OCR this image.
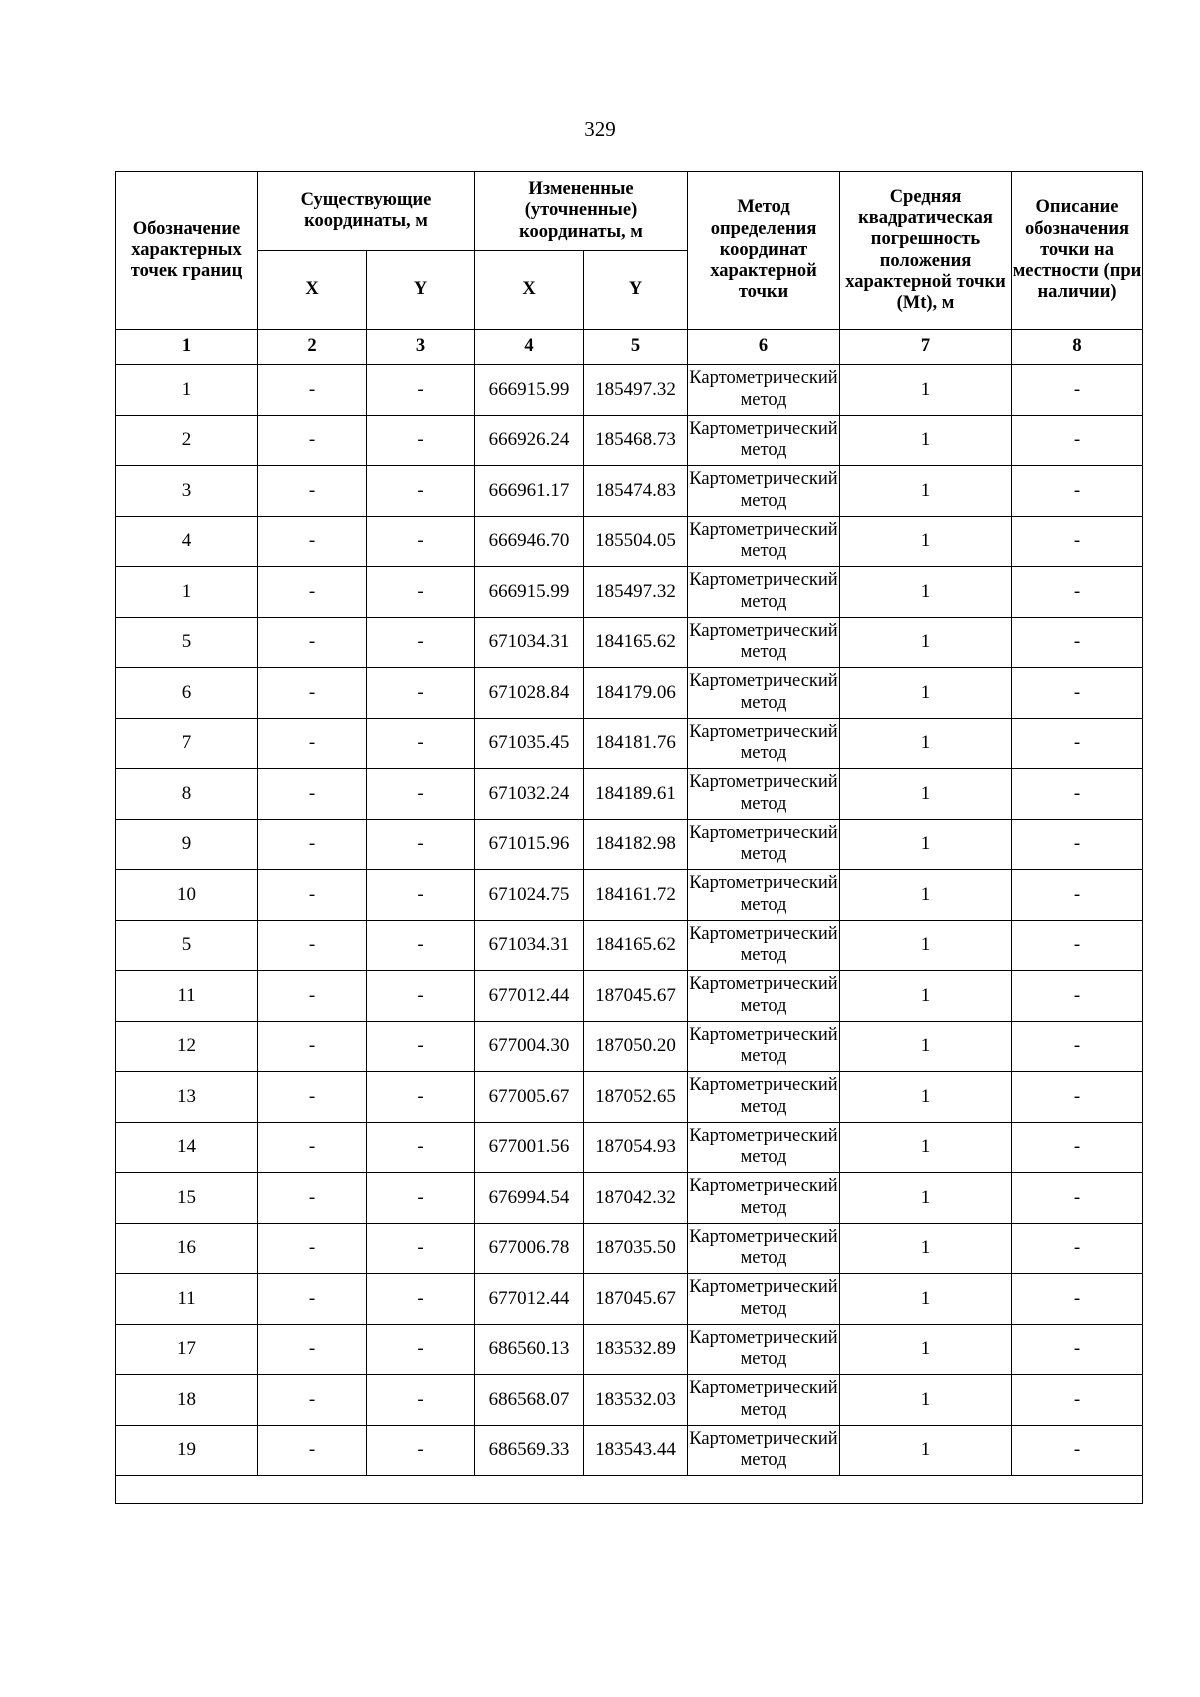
329
Обозначение характерных точек границ	Существующие координаты, м		Измененные (уточненные) координаты, м		Метод определения координат характерной точки	Средняя квадратическая погрешность положения характерной точки (Mt), м	Описание обозначения точки на местности (при наличии)
	X	Y	X	Y			
1	2	3	4	5	6	7	8
1	-	-	666915.99	185497.32	Картометрический метод	1	-
2	-	-	666926.24	185468.73	Картометрический метод	1	-
3	-	-	666961.17	185474.83	Картометрический метод	1	-
4	-	-	666946.70	185504.05	Картометрический метод	1	-
1	-	-	666915.99	185497.32	Картометрический метод	1	-
5	-	-	671034.31	184165.62	Картометрический метод	1	-
6	-	-	671028.84	184179.06	Картометрический метод	1	-
7	-	-	671035.45	184181.76	Картометрический метод	1	-
8	-	-	671032.24	184189.61	Картометрический метод	1	-
9	-	-	671015.96	184182.98	Картометрический метод	1	-
10	-	-	671024.75	184161.72	Картометрический метод	1	-
5	-	-	671034.31	184165.62	Картометрический метод	1	-
11	-	-	677012.44	187045.67	Картометрический метод	1	-
12	-	-	677004.30	187050.20	Картометрический метод	1	-
13	-	-	677005.67	187052.65	Картометрический метод	1	-
14	-	-	677001.56	187054.93	Картометрический метод	1	-
15	-	-	676994.54	187042.32	Картометрический метод	1	-
16	-	-	677006.78	187035.50	Картометрический метод	1	-
11	-	-	677012.44	187045.67	Картометрический метод	1	-
17	-	-	686560.13	183532.89	Картометрический метод	1	-
18	-	-	686568.07	183532.03	Картометрический метод	1	-
19	-	-	686569.33	183543.44	Картометрический метод	1	-
